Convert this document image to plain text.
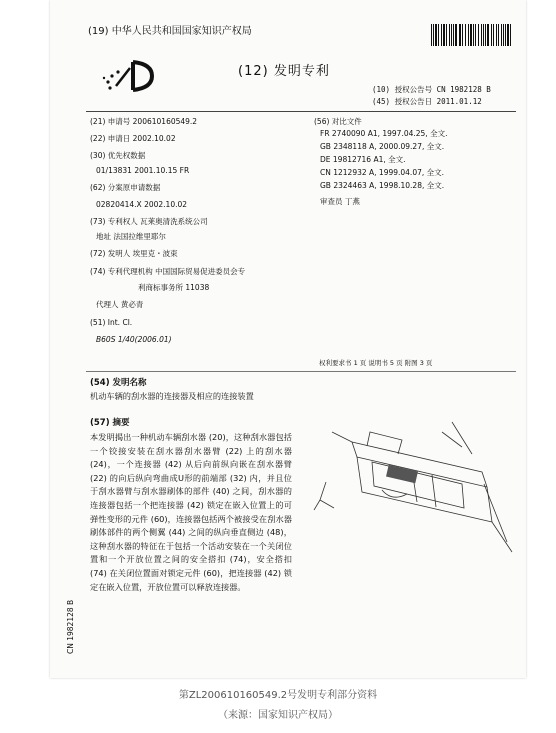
(19) 中华人民共和国国家知识产权局
(12) 发明专利
(10) 授权公告号 CN 1982128 B
(45) 授权公告日 2011.01.12
(21) 申请号 200610160549.2
(22) 申请日 2002.10.02
(30) 优先权数据
01/13831 2001.10.15 FR
(62) 分案原申请数据
02820414.X 2002.10.02
(73) 专利权人 瓦莱奥清洗系统公司
地址 法国拉维里耶尔
(72) 发明人 埃里克・波束
(74) 专利代理机构 中国国际贸易促进委员会专
利商标事务所 11038
代理人 黄必青
(51) Int. Cl.
B60S 1/40(2006.01)
(56) 对比文件
FR 2740090 A1, 1997.04.25, 全文.
GB 2348118 A, 2000.09.27, 全文.
DE 19812716 A1, 全文.
CN 1212932 A, 1999.04.07, 全文.
GB 2324463 A, 1998.10.28, 全文.
审查员 丁燕
权利要求书 1 页 说明书 5 页 附图 3 页
(54) 发明名称
机动车辆的刮水器的连接器及相应的连接装置
(57) 摘要
本发明揭出一种机动车辆刮水器 (20)，这种刮水器包括一个铰接安装在刮水器刮水器臂 (22) 上的刮水器 (24)，一个连接器 (42) 从后向前纵向嵌在刮水器臂 (22) 的向后纵向弯曲成U形的前端部 (32) 内，并且位于刮水器臂与刮水器刷体的部件 (40) 之间，刮水器的连接器包括一个把连接器 (42) 锁定在嵌入位置上的可弹性变形的元件 (60)，连接器包括两个被接受在刮水器刷体部件的两个侧翼 (44) 之间的纵向垂直侧边 (48)，这种刮水器的特征在于包括一个活动安装在一个关闭位置和一个开放位置之间的安全搭扣 (74)，安全搭扣 (74) 在关闭位置面对锁定元件 (60)，把连接器 (42) 锁定在嵌入位置，开放位置可以释放连接器。
CN 1982128 B
第ZL200610160549.2号发明专利部分资料
（来源：国家知识产权局）
